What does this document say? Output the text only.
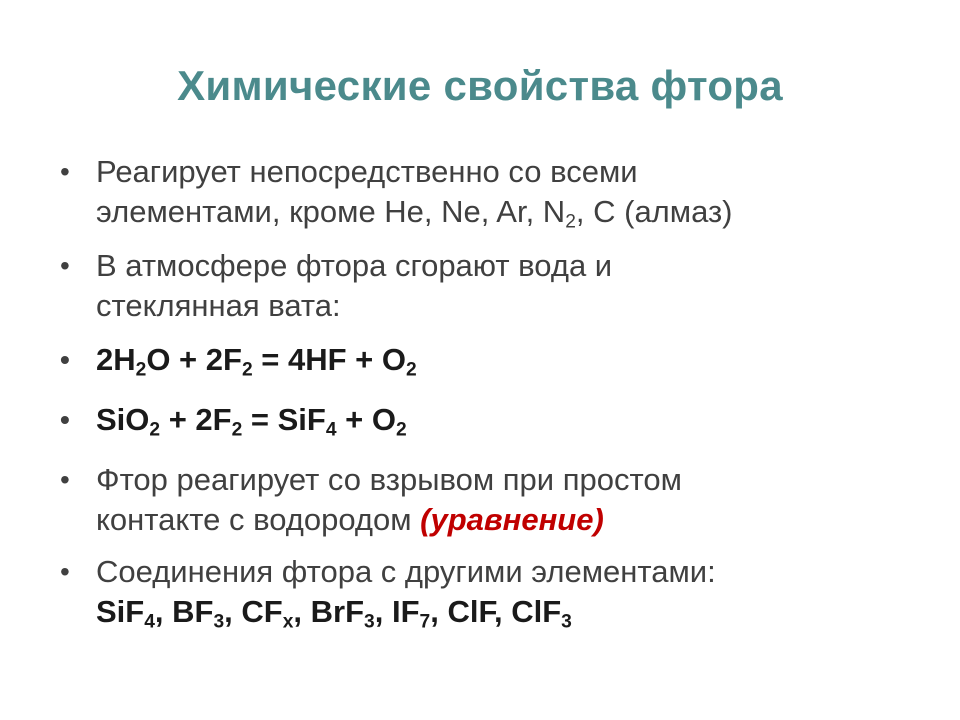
Химические свойства фтора
• Реагирует непосредственно со всеми
элементами, кроме He, Ne, Ar, $N_2$, C (алмаз)
• В атмосфере фтора сгорают вода и
стеклянная вата:
• $2H_2O + 2F_2 = 4HF + O_2$
• $SiO_2 + 2F_2 = SiF_4 + O_2$
• Фтор реагирует со взрывом при простом
контакте с водородом (уравнение)
• Соединения фтора с другими элементами:
SiF$_4$, $BF_3$, $CF_x$, BrF$_3$, $IF_7$, ClF, ClF$_3$
